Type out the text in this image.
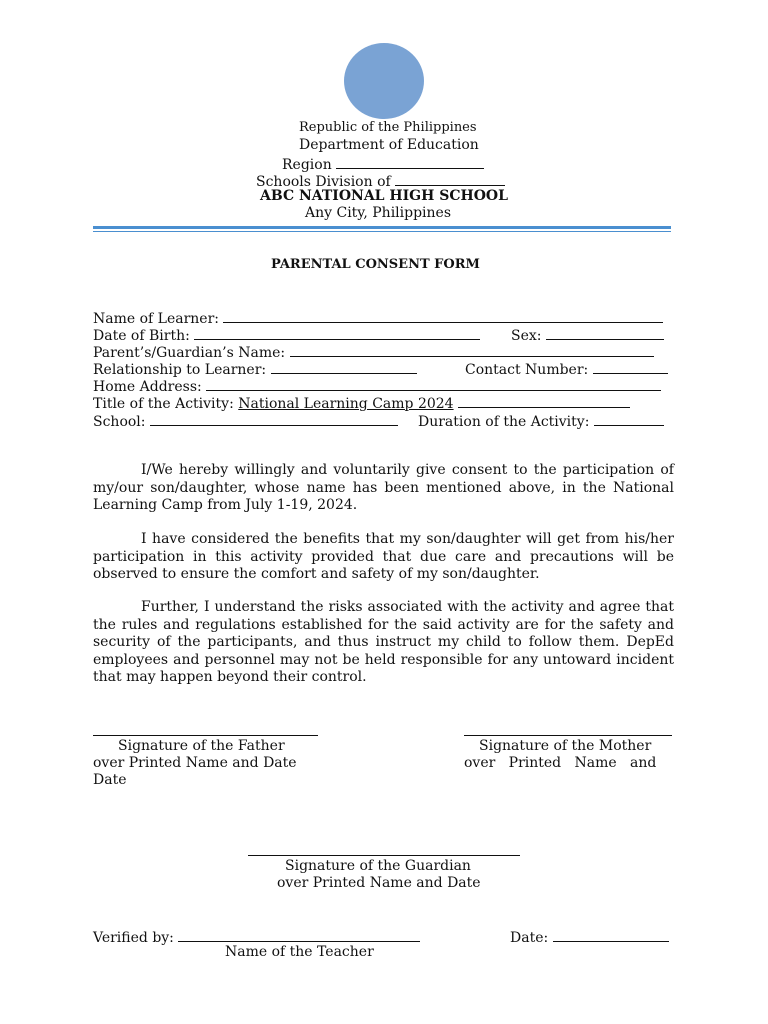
Republic of the Philippines
Department of Education
Region
Schools Division of
ABC NATIONAL HIGH SCHOOL
Any City, Philippines
PARENTAL CONSENT FORM
Name of Learner:
Date of Birth:	Sex:
Parent’s/Guardian’s Name:
Relationship to Learner:	Contact Number:
Home Address:
Title of the Activity: National Learning Camp 2024
School:	Duration of the Activity:

I/We hereby willingly and voluntarily give consent to the participation of my/our son/daughter, whose name has been mentioned above, in the National Learning Camp from July 1-19, 2024.

I have considered the benefits that my son/daughter will get from his/her participation in this activity provided that due care and precautions will be observed to ensure the comfort and safety of my son/daughter.

Further, I understand the risks associated with the activity and agree that the rules and regulations established for the said activity are for the safety and security of the participants, and thus instruct my child to follow them. DepEd employees and personnel may not be held responsible for any untoward incident that may happen beyond their control.

Signature of the Father
over Printed Name and Date
Date
Signature of the Mother
over   Printed   Name   and
Signature of the Guardian
over Printed Name and Date
Verified by:
Name of the Teacher
Date:
